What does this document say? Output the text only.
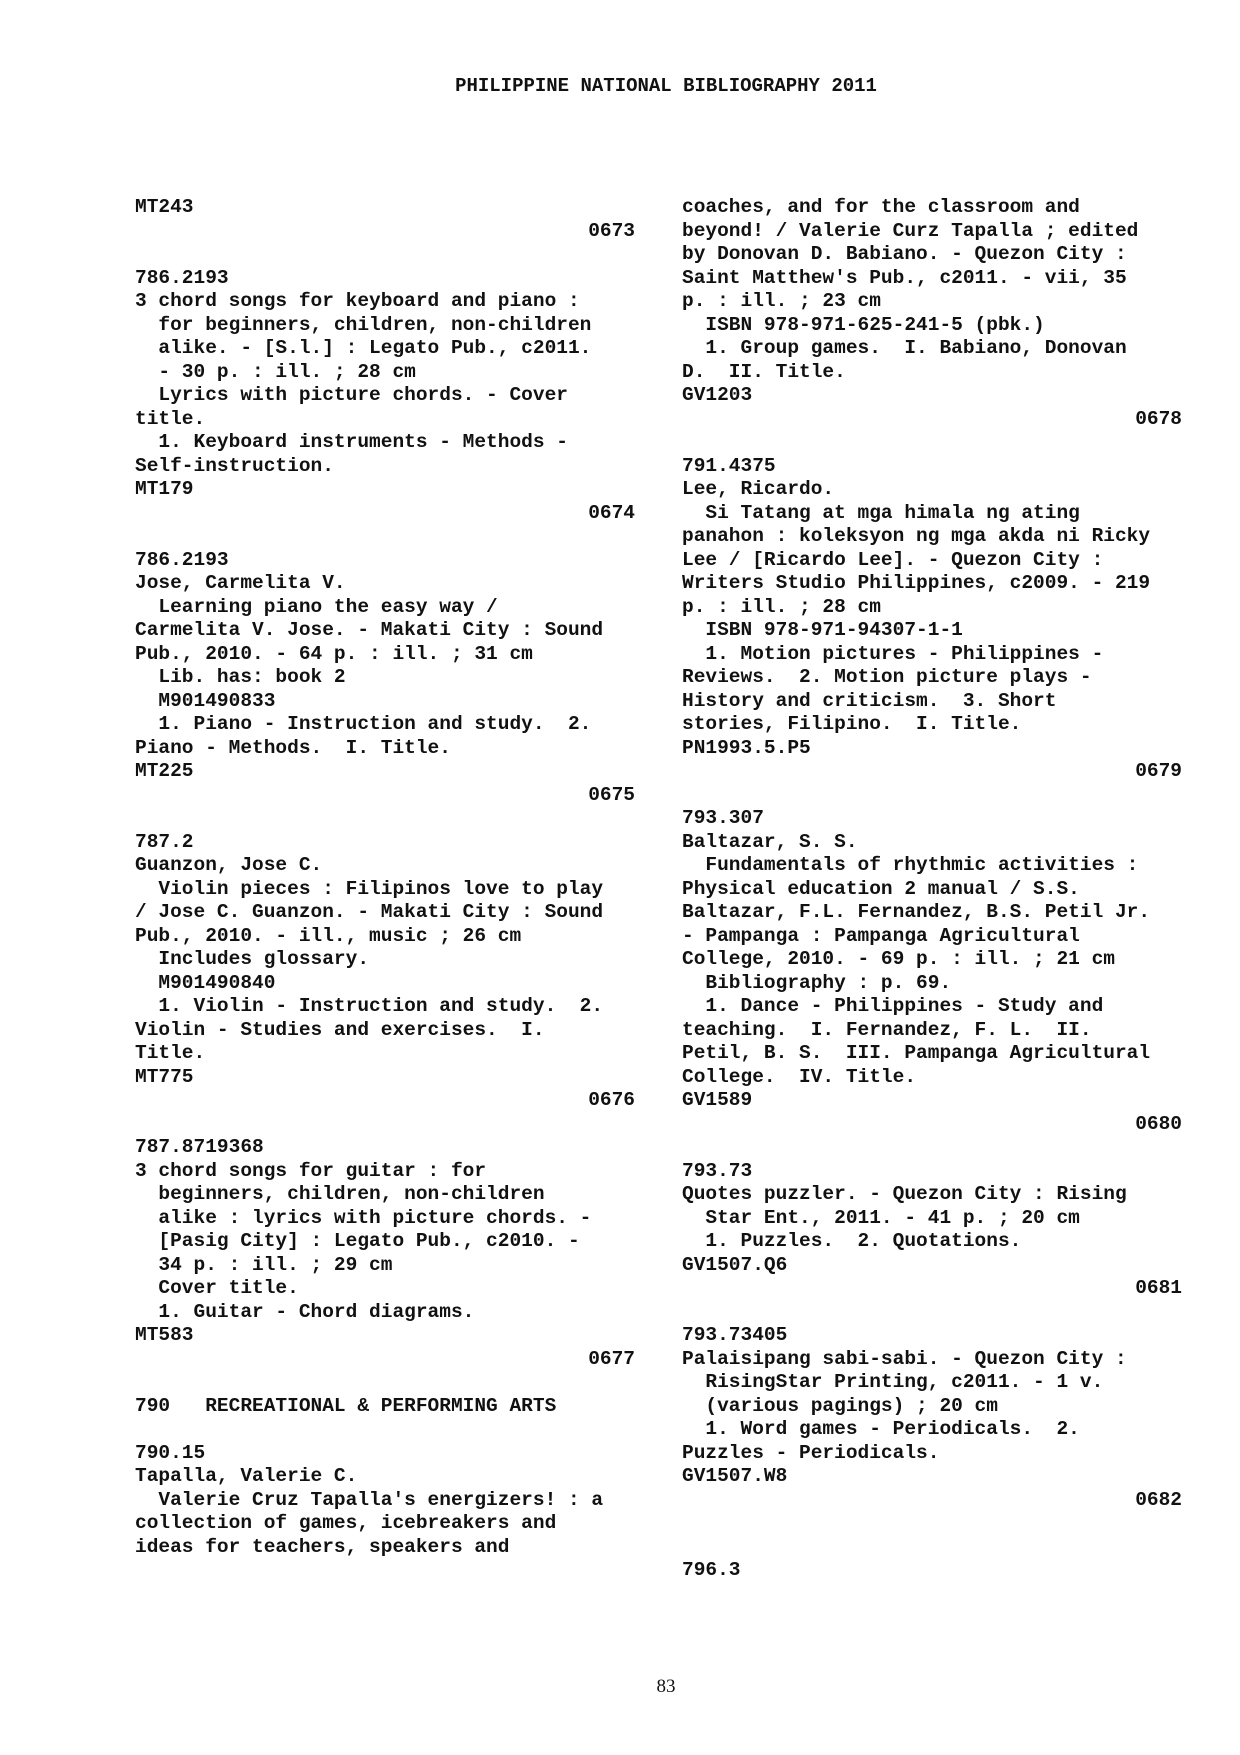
PHILIPPINE NATIONAL BIBLIOGRAPHY 2011
MT243
0673
786.2193
3 chord songs for keyboard and piano :
for beginners, children, non-children
alike. - [S.l.] : Legato Pub., c2011.
- 30 p. : ill. ; 28 cm
Lyrics with picture chords. - Cover
title.
1. Keyboard instruments - Methods -
Self-instruction.
MT179
0674
786.2193
Jose, Carmelita V.
Learning piano the easy way /
Carmelita V. Jose. - Makati City : Sound
Pub., 2010. - 64 p. : ill. ; 31 cm
Lib. has: book 2
M901490833
1. Piano - Instruction and study.  2.
Piano - Methods.  I. Title.
MT225
0675
787.2
Guanzon, Jose C.
Violin pieces : Filipinos love to play
/ Jose C. Guanzon. - Makati City : Sound
Pub., 2010. - ill., music ; 26 cm
Includes glossary.
M901490840
1. Violin - Instruction and study.  2.
Violin - Studies and exercises.  I.
Title.
MT775
0676
787.8719368
3 chord songs for guitar : for
beginners, children, non-children
alike : lyrics with picture chords. -
[Pasig City] : Legato Pub., c2010. -
34 p. : ill. ; 29 cm
Cover title.
1. Guitar - Chord diagrams.
MT583
0677
790   RECREATIONAL & PERFORMING ARTS
790.15
Tapalla, Valerie C.
Valerie Cruz Tapalla's energizers! : a
collection of games, icebreakers and
ideas for teachers, speakers and
coaches, and for the classroom and
beyond! / Valerie Curz Tapalla ; edited
by Donovan D. Babiano. - Quezon City :
Saint Matthew's Pub., c2011. - vii, 35
p. : ill. ; 23 cm
ISBN 978-971-625-241-5 (pbk.)
1. Group games.  I. Babiano, Donovan
D.  II. Title.
GV1203
0678
791.4375
Lee, Ricardo.
Si Tatang at mga himala ng ating
panahon : koleksyon ng mga akda ni Ricky
Lee / [Ricardo Lee]. - Quezon City :
Writers Studio Philippines, c2009. - 219
p. : ill. ; 28 cm
ISBN 978-971-94307-1-1
1. Motion pictures - Philippines -
Reviews.  2. Motion picture plays -
History and criticism.  3. Short
stories, Filipino.  I. Title.
PN1993.5.P5
0679
793.307
Baltazar, S. S.
Fundamentals of rhythmic activities :
Physical education 2 manual / S.S.
Baltazar, F.L. Fernandez, B.S. Petil Jr.
- Pampanga : Pampanga Agricultural
College, 2010. - 69 p. : ill. ; 21 cm
Bibliography : p. 69.
1. Dance - Philippines - Study and
teaching.  I. Fernandez, F. L.  II.
Petil, B. S.  III. Pampanga Agricultural
College.  IV. Title.
GV1589
0680
793.73
Quotes puzzler. - Quezon City : Rising
Star Ent., 2011. - 41 p. ; 20 cm
1. Puzzles.  2. Quotations.
GV1507.Q6
0681
793.73405
Palaisipang sabi-sabi. - Quezon City :
RisingStar Printing, c2011. - 1 v.
(various pagings) ; 20 cm
1. Word games - Periodicals.  2.
Puzzles - Periodicals.
GV1507.W8
0682
796.3
83
